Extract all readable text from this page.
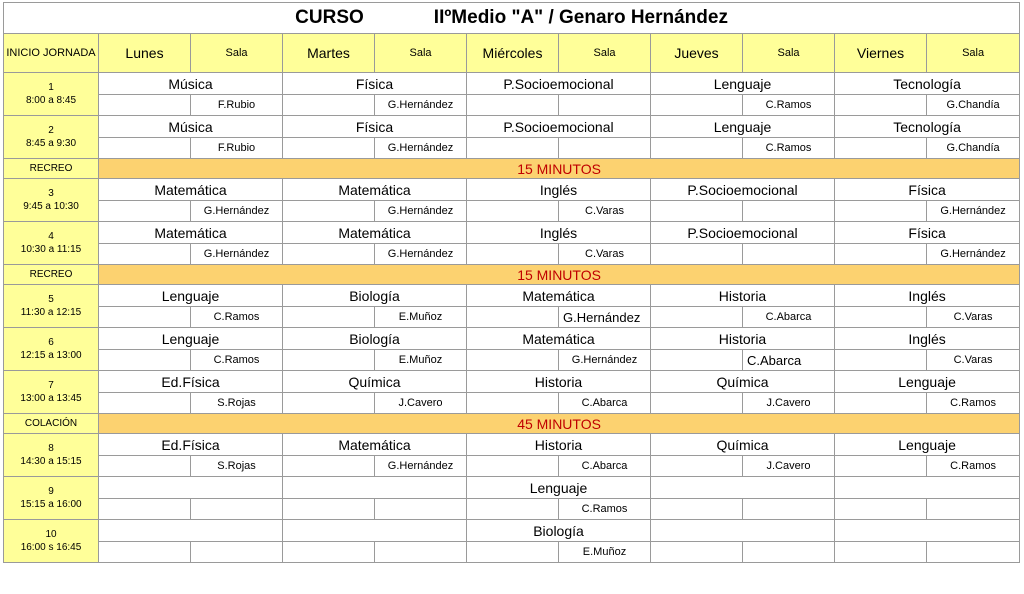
CURSO IIºMedio "A" / Genaro Hernández										
INICIO JORNADA	Lunes	Sala	Martes	Sala	Miércoles	Sala	Jueves	Sala	Viernes	Sala

1
8:00 a 8:45	Música		Física		P.Socioemocional		Lenguaje		Tecnología	
		F.Rubio		G.Hernández				C.Ramos		G.Chandía

2
8:45 a 9:30	Música		Física		P.Socioemocional		Lenguaje		Tecnología	
		F.Rubio		G.Hernández				C.Ramos		G.Chandía
RECREO	15 MINUTOS									

3
9:45 a 10:30	Matemática		Matemática		Inglés		P.Socioemocional		Física	
		G.Hernández		G.Hernández		C.Varas				G.Hernández

4
10:30 a 11:15	Matemática		Matemática		Inglés		P.Socioemocional		Física	
		G.Hernández		G.Hernández		C.Varas				G.Hernández
RECREO	15 MINUTOS									

5
11:30 a 12:15	Lenguaje		Biología		Matemática		Historia		Inglés	
		C.Ramos		E.Muñoz		G.Hernández		C.Abarca		C.Varas

6
12:15 a 13:00	Lenguaje		Biología		Matemática		Historia		Inglés	
		C.Ramos		E.Muñoz		G.Hernández		C.Abarca		C.Varas

7
13:00 a 13:45	Ed.Física		Química		Historia		Química		Lenguaje	
		S.Rojas		J.Cavero		C.Abarca		J.Cavero		C.Ramos
COLACIÓN	45 MINUTOS									

8
14:30 a 15:15	Ed.Física		Matemática		Historia		Química		Lenguaje	
		S.Rojas		G.Hernández		C.Abarca		J.Cavero		C.Ramos

9
15:15 a 16:00					Lenguaje					
						C.Ramos				

10
16:00 s 16:45					Biología					
						E.Muñoz				
